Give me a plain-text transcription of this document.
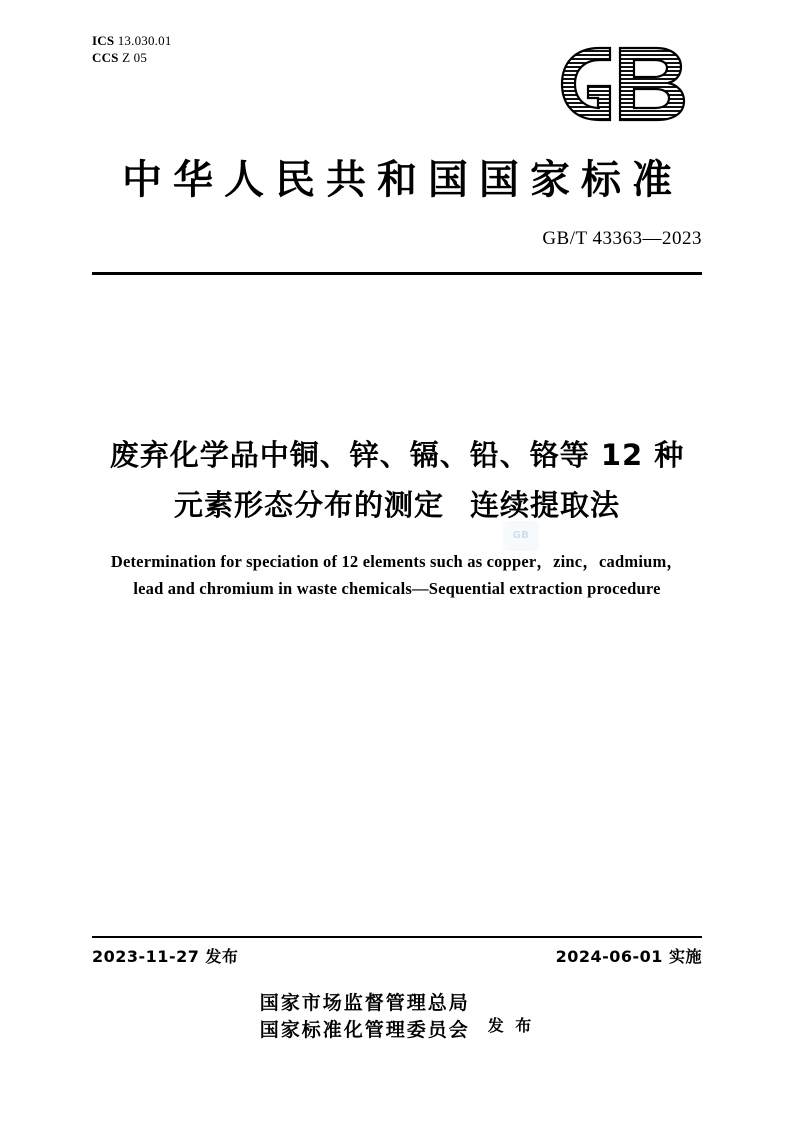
ICS 13.030.01
CCS Z 05
中华人民共和国国家标准
GB/T 43363—2023
废弃化学品中铜、锌、镉、铅、铬等 12 种
元素形态分布的测定 连续提取法
Determination for speciation of 12 elements such as copper，zinc，cadmium，
lead and chromium in waste chemicals—Sequential extraction procedure
GB
2023-11-27 发布	2024-06-01 实施
国家市场监督管理总局
国家标准化管理委员会 发 布
